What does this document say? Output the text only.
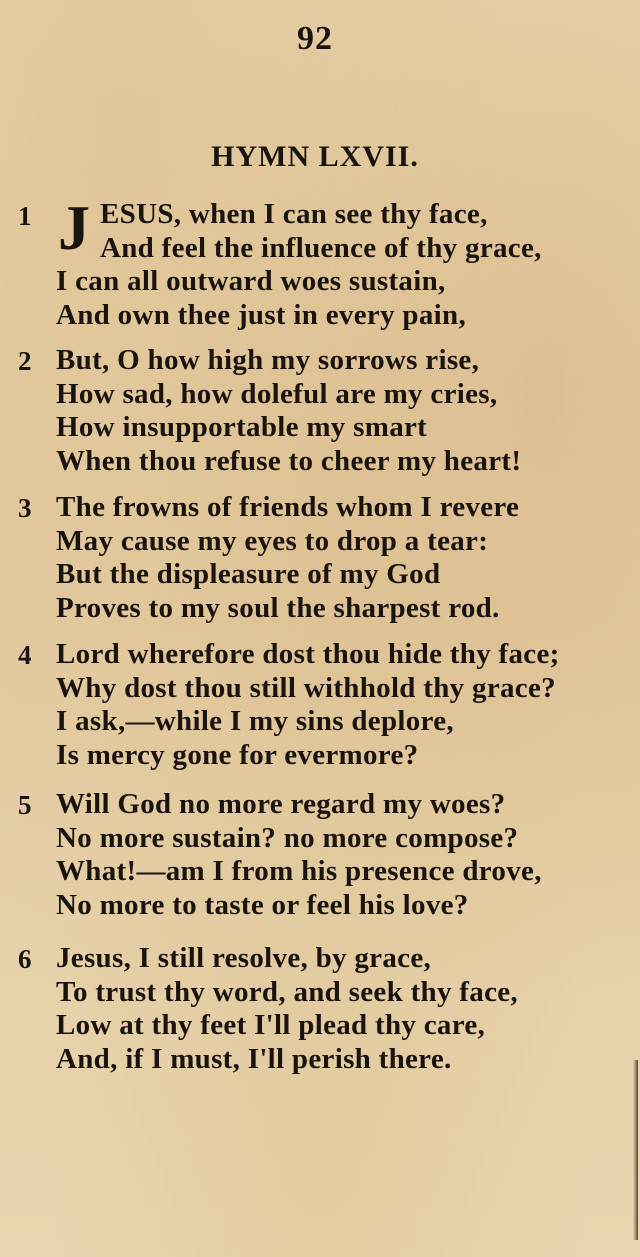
92
HYMN LXVII.
1 J ESUS, when I can see thy face,
And feel the influence of thy grace,
I can all outward woes sustain,
And own thee just in every pain,
2 But, O how high my sorrows rise,
How sad, how doleful are my cries,
How insupportable my smart
When thou refuse to cheer my heart!
3 The frowns of friends whom I revere
May cause my eyes to drop a tear:
But the displeasure of my God
Proves to my soul the sharpest rod.
4 Lord wherefore dost thou hide thy face;
Why dost thou still withhold thy grace?
I ask,—while I my sins deplore,
Is mercy gone for evermore?
5 Will God no more regard my woes?
No more sustain? no more compose?
What!—am I from his presence drove,
No more to taste or feel his love?
6 Jesus, I still resolve, by grace,
To trust thy word, and seek thy face,
Low at thy feet I'll plead thy care,
And, if I must, I'll perish there.
